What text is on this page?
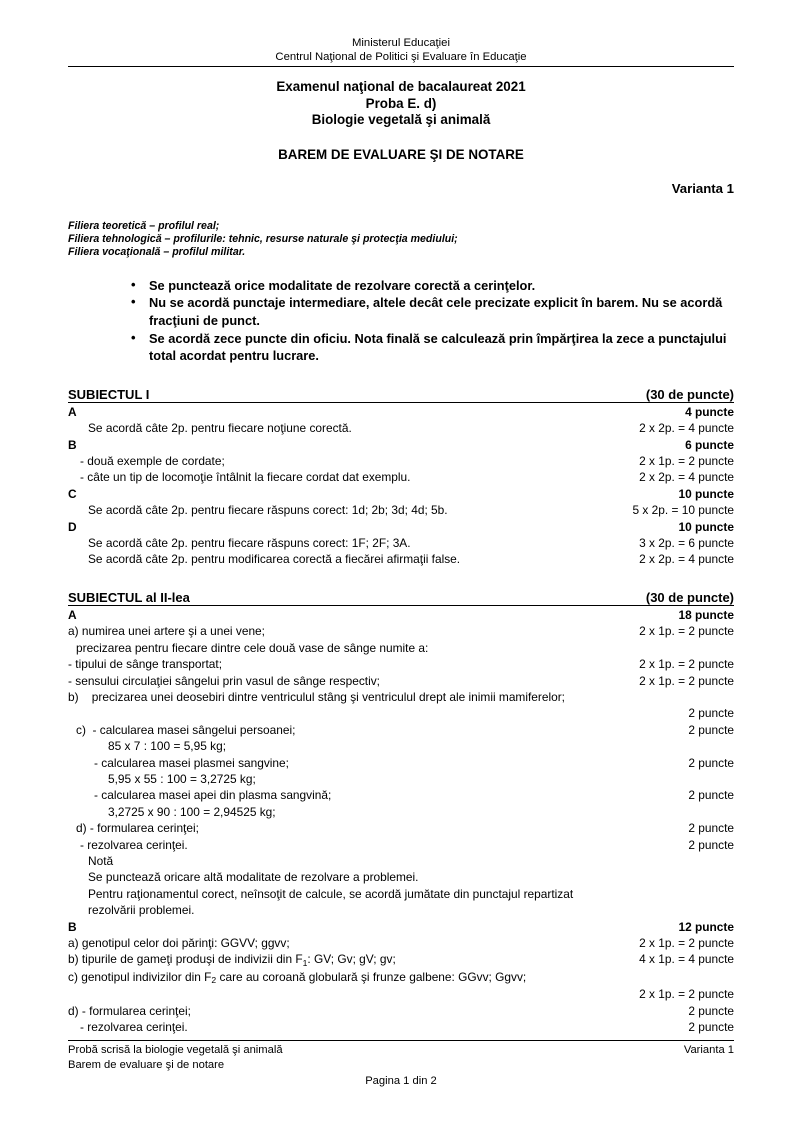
Ministerul Educaţiei
Centrul Naţional de Politici şi Evaluare în Educaţie
Examenul naţional de bacalaureat 2021
Proba E. d)
Biologie vegetală şi animală
BAREM DE EVALUARE ŞI DE NOTARE
Varianta 1
Filiera teoretică – profilul real;
Filiera tehnologică – profilurile: tehnic, resurse naturale şi protecţia mediului;
Filiera vocaţională – profilul militar.
• Se punctează orice modalitate de rezolvare corectă a cerinţelor.
• Nu se acordă punctaje intermediare, altele decât cele precizate explicit în barem. Nu se acordă fracţiuni de punct.
• Se acordă zece puncte din oficiu. Nota finală se calculează prin împărţirea la zece a punctajului total acordat pentru lucrare.
SUBIECTUL I	(30 de puncte)
A	4 puncte
Se acordă câte 2p. pentru fiecare noţiune corectă.	2 x 2p. = 4 puncte
B	6 puncte
- două exemple de cordate;	2 x 1p. = 2 puncte
- câte un tip de locomoţie întâlnit la fiecare cordat dat exemplu.	2 x 2p. = 4 puncte
C	10 puncte
Se acordă câte 2p. pentru fiecare răspuns corect: 1d; 2b; 3d; 4d; 5b.	5 x 2p. = 10 puncte
D	10 puncte
Se acordă câte 2p. pentru fiecare răspuns corect: 1F; 2F; 3A.	3 x 2p. = 6 puncte
Se acordă câte 2p. pentru modificarea corectă a fiecărei afirmaţii false.	2 x 2p. = 4 puncte
SUBIECTUL al II-lea	(30 de puncte)
A	18 puncte
a) numirea unei artere şi a unei vene;	2 x 1p. = 2 puncte
precizarea pentru fiecare dintre cele două vase de sânge numite a:
- tipului de sânge transportat;	2 x 1p. = 2 puncte
- sensului circulaţiei sângelui prin vasul de sânge respectiv;	2 x 1p. = 2 puncte
b)    precizarea unei deosebiri dintre ventriculul stâng şi ventriculul drept ale inimii mamiferelor;
2 puncte
c)  - calcularea masei sângelui persoanei;	2 puncte
85 x 7 : 100 = 5,95 kg;
- calcularea masei plasmei sangvine;	2 puncte
5,95 x 55 : 100 = 3,2725 kg;
- calcularea masei apei din plasma sangvină;	2 puncte
3,2725 x 90 : 100 = 2,94525 kg;
d) - formularea cerinţei;	2 puncte
- rezolvarea cerinţei.	2 puncte
Notă
Se punctează oricare altă modalitate de rezolvare a problemei.
Pentru raţionamentul corect, neînsoţit de calcule, se acordă jumătate din punctajul repartizat
rezolvării problemei.
B	12 puncte
a) genotipul celor doi părinţi: GGVV; ggvv;	2 x 1p. = 2 puncte
b) tipurile de gameţi produşi de indivizii din $F_1$: GV; Gv; gV; gv;	4 x 1p. = 4 puncte
c) genotipul indivizilor din $F_2$ care au coroană globulară şi frunze galbene: GGvv; Ggvv;
2 x 1p. = 2 puncte
d) - formularea cerinţei;	2 puncte
- rezolvarea cerinţei.	2 puncte
Probă scrisă la biologie vegetală şi animală	Varianta 1
Barem de evaluare şi de notare
Pagina 1 din 2
